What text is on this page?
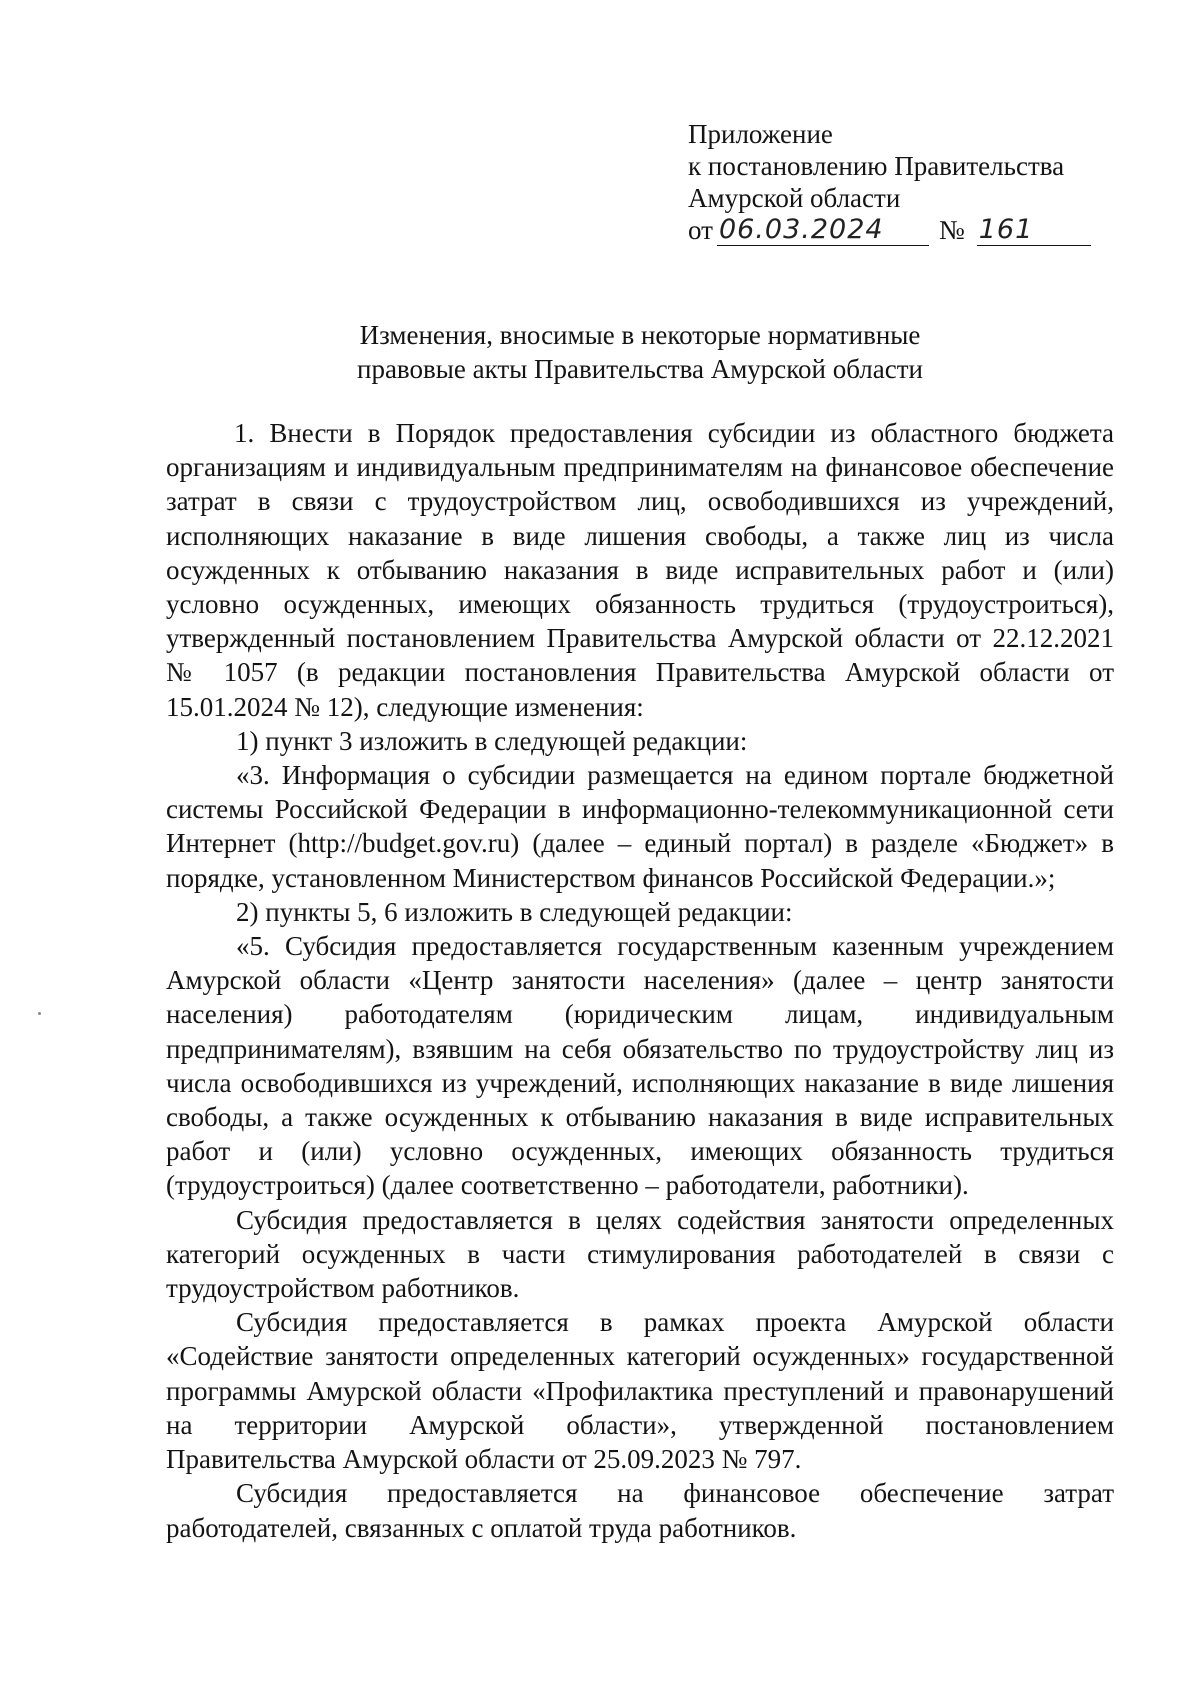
Приложение
к постановлению Правительства
Амурской области
от 06.03.2024	№ 161
Изменения, вносимые в некоторые нормативные
правовые акты Правительства Амурской области

1. Внести в Порядок предоставления субсидии из областного бюджета организациям и индивидуальным предпринимателям на финансовое обеспечение затрат в связи с трудоустройством лиц, освободившихся из учреждений, исполняющих наказание в виде лишения свободы, а также лиц из числа осужденных к отбыванию наказания в виде исправительных работ и (или) условно осужденных, имеющих обязанность трудиться (трудоустроиться), утвержденный постановлением Правительства Амурской области от 22.12.2021 № 1057 (в редакции постановления Правительства Амурской области от 15.01.2024 № 12), следующие изменения:

1) пункт 3 изложить в следующей редакции:

«3. Информация о субсидии размещается на едином портале бюджетной системы Российской Федерации в информационно-телекоммуникационной сети Интернет (http://budget.gov.ru) (далее – единый портал) в разделе «Бюджет» в порядке, установленном Министерством финансов Российской Федерации.»;

2) пункты 5, 6 изложить в следующей редакции:

«5. Субсидия предоставляется государственным казенным учреждением Амурской области «Центр занятости населения» (далее – центр занятости населения) работодателям (юридическим лицам, индивидуальным предпринимателям), взявшим на себя обязательство по трудоустройству лиц из числа освободившихся из учреждений, исполняющих наказание в виде лишения свободы, а также осужденных к отбыванию наказания в виде исправительных работ и (или) условно осужденных, имеющих обязанность трудиться (трудоустроиться) (далее соответственно – работодатели, работники).

Субсидия предоставляется в целях содействия занятости определенных категорий осужденных в части стимулирования работодателей в связи с трудоустройством работников.

Субсидия предоставляется в рамках проекта Амурской области «Содействие занятости определенных категорий осужденных» государственной программы Амурской области «Профилактика преступлений и правонарушений на территории Амурской области», утвержденной постановлением Правительства Амурской области от 25.09.2023 № 797.

Субсидия предоставляется на финансовое обеспечение затрат работодателей, связанных с оплатой труда работников.
